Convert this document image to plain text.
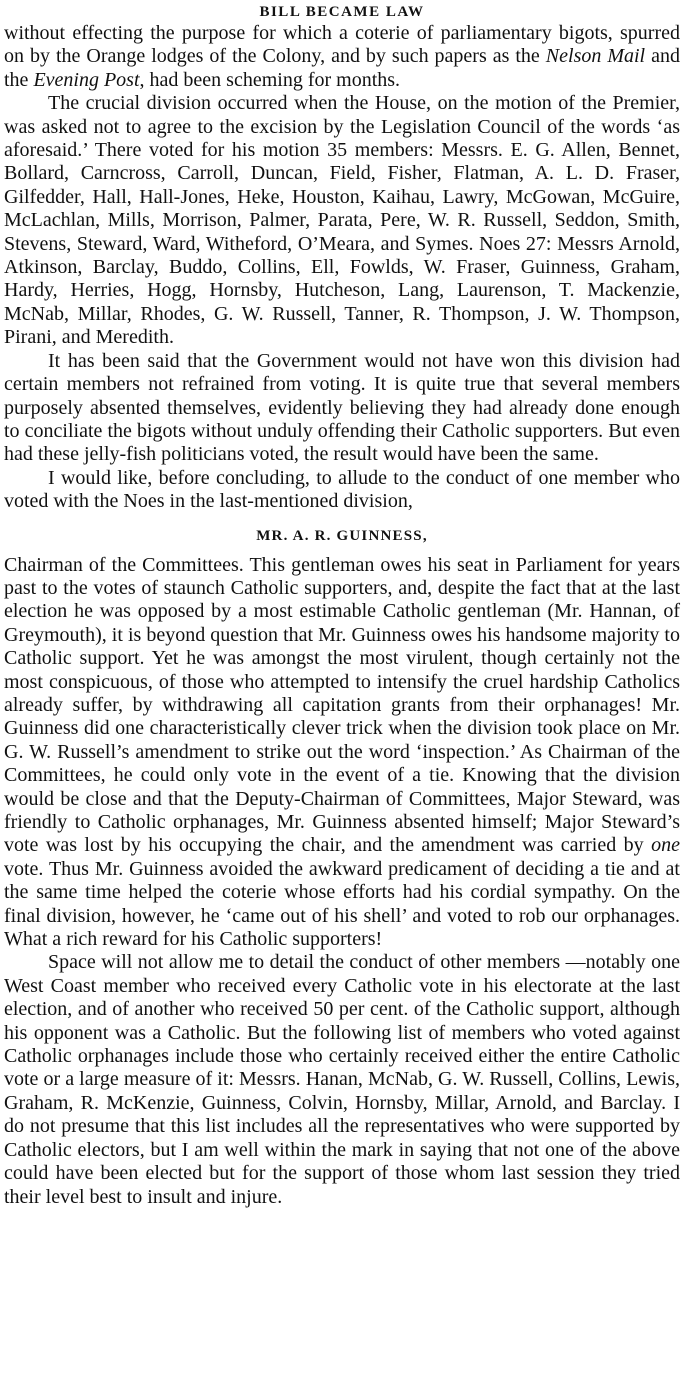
BILL BECAME LAW

without effecting the purpose for which a coterie of parliamentary bigots, spurred on by the Orange lodges of the Colony, and by such papers as the Nelson Mail and the Evening Post, had been scheming for months.

The crucial division occurred when the House, on the motion of the Premier, was asked not to agree to the excision by the Legislation Council of the words ‘as aforesaid.’ There voted for his motion 35 members: Messrs. E. G. Allen, Bennet, Bollard, Carncross, Carroll, Duncan, Field, Fisher, Flatman, A. L. D. Fraser, Gilfedder, Hall, Hall-Jones, Heke, Houston, Kaihau, Lawry, McGowan, McGuire, McLachlan, Mills, Morrison, Palmer, Parata, Pere, W. R. Russell, Seddon, Smith, Stevens, Steward, Ward, Witheford, O’Meara, and Symes. Noes 27: Messrs Arnold, Atkinson, Barclay, Buddo, Collins, Ell, Fowlds, W. Fraser, Guinness, Graham, Hardy, Herries, Hogg, Hornsby, Hutcheson, Lang, Laurenson, T. Mackenzie, McNab, Millar, Rhodes, G. W. Russell, Tanner, R. Thompson, J. W. Thompson, Pirani, and Meredith.

It has been said that the Government would not have won this division had certain members not refrained from voting. It is quite true that several members purposely absented themselves, evidently believing they had already done enough to conciliate the bigots without unduly offending their Catholic supporters. But even had these jelly-fish politicians voted, the result would have been the same.

I would like, before concluding, to allude to the conduct of one member who voted with the Noes in the last-mentioned division,

MR. A. R. GUINNESS,

Chairman of the Committees. This gentleman owes his seat in Parliament for years past to the votes of staunch Catholic supporters, and, despite the fact that at the last election he was opposed by a most estimable Catholic gentleman (Mr. Hannan, of Greymouth), it is beyond question that Mr. Guinness owes his handsome majority to Catholic support. Yet he was amongst the most virulent, though certainly not the most conspicuous, of those who attempted to intensify the cruel hardship Catholics already suffer, by withdrawing all capitation grants from their orphanages! Mr. Guinness did one characteristically clever trick when the division took place on Mr. G. W. Russell’s amendment to strike out the word ‘inspection.’ As Chairman of the Committees, he could only vote in the event of a tie. Knowing that the division would be close and that the Deputy-Chairman of Committees, Major Steward, was friendly to Catholic orphanages, Mr. Guinness absented himself; Major Steward’s vote was lost by his occupying the chair, and the amendment was carried by one vote. Thus Mr. Guinness avoided the awkward predicament of deciding a tie and at the same time helped the coterie whose efforts had his cordial sympathy. On the final division, however, he ‘came out of his shell’ and voted to rob our orphanages. What a rich reward for his Catholic supporters!

Space will not allow me to detail the conduct of other members —notably one West Coast member who received every Catholic vote in his electorate at the last election, and of another who received 50 per cent. of the Catholic support, although his opponent was a Catholic. But the following list of members who voted against Catholic orphanages include those who certainly received either the entire Catholic vote or a large measure of it: Messrs. Hanan, McNab, G. W. Russell, Collins, Lewis, Graham, R. McKenzie, Guinness, Colvin, Hornsby, Millar, Arnold, and Barclay. I do not presume that this list includes all the representatives who were supported by Catholic electors, but I am well within the mark in saying that not one of the above could have been elected but for the support of those whom last session they tried their level best to insult and injure.
